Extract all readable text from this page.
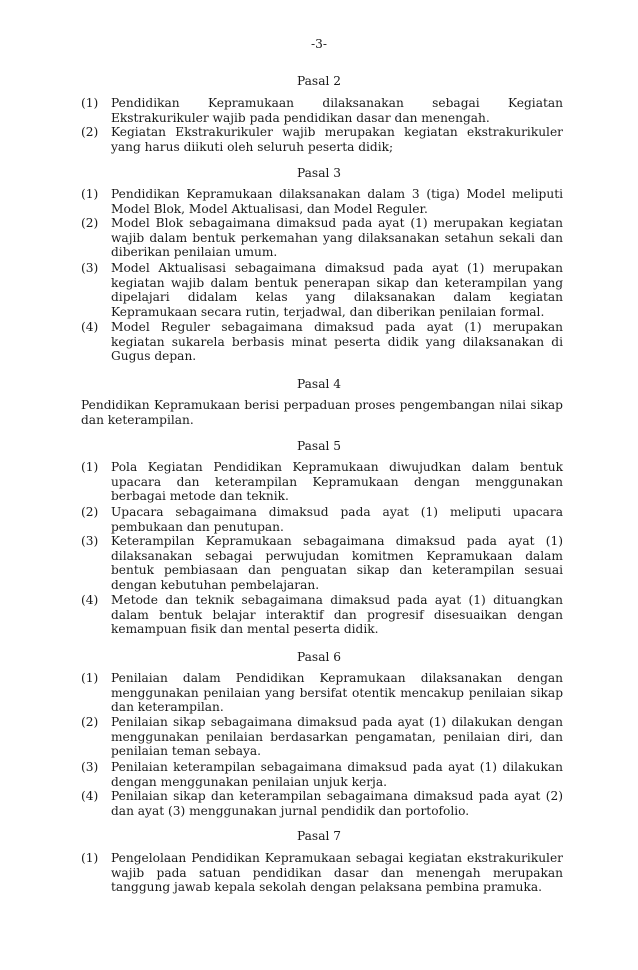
-3-
Pasal 2
(1) Pendidikan Kepramukaan dilaksanakan sebagai Kegiatan Ekstrakurikuler wajib pada pendidikan dasar dan menengah.
(2) Kegiatan Ekstrakurikuler wajib merupakan kegiatan ekstrakurikuler yang harus diikuti oleh seluruh peserta didik;
Pasal 3
(1) Pendidikan Kepramukaan dilaksanakan dalam 3 (tiga) Model meliputi Model Blok, Model Aktualisasi, dan Model Reguler.
(2) Model Blok sebagaimana dimaksud pada ayat (1) merupakan kegiatan wajib dalam bentuk perkemahan yang dilaksanakan setahun sekali dan diberikan penilaian umum.
(3) Model Aktualisasi sebagaimana dimaksud pada ayat (1) merupakan kegiatan wajib dalam bentuk penerapan sikap dan keterampilan yang dipelajari didalam kelas yang dilaksanakan dalam kegiatan Kepramukaan secara rutin, terjadwal, dan diberikan penilaian formal.
(4) Model Reguler sebagaimana dimaksud pada ayat (1) merupakan kegiatan sukarela berbasis minat peserta didik yang dilaksanakan di Gugus depan.
Pasal 4
Pendidikan Kepramukaan berisi perpaduan proses pengembangan nilai sikap dan keterampilan.
Pasal 5
(1) Pola Kegiatan Pendidikan Kepramukaan diwujudkan dalam bentuk upacara dan keterampilan Kepramukaan dengan menggunakan berbagai metode dan teknik.
(2) Upacara sebagaimana dimaksud pada ayat (1) meliputi upacara pembukaan dan penutupan.
(3) Keterampilan Kepramukaan sebagaimana dimaksud pada ayat (1) dilaksanakan sebagai perwujudan komitmen Kepramukaan dalam bentuk pembiasaan dan penguatan sikap dan keterampilan sesuai dengan kebutuhan pembelajaran.
(4) Metode dan teknik sebagaimana dimaksud pada ayat (1) dituangkan dalam bentuk belajar interaktif dan progresif disesuaikan dengan kemampuan fisik dan mental peserta didik.
Pasal 6
(1) Penilaian dalam Pendidikan Kepramukaan dilaksanakan dengan menggunakan penilaian yang bersifat otentik mencakup penilaian sikap dan keterampilan.
(2) Penilaian sikap sebagaimana dimaksud pada ayat (1) dilakukan dengan menggunakan penilaian berdasarkan pengamatan, penilaian diri, dan penilaian teman sebaya.
(3) Penilaian keterampilan sebagaimana dimaksud pada ayat (1) dilakukan dengan menggunakan penilaian unjuk kerja.
(4) Penilaian sikap dan keterampilan sebagaimana dimaksud pada ayat (2) dan ayat (3) menggunakan jurnal pendidik dan portofolio.
Pasal 7
(1) Pengelolaan Pendidikan Kepramukaan sebagai kegiatan ekstrakurikuler wajib pada satuan pendidikan dasar dan menengah merupakan tanggung jawab kepala sekolah dengan pelaksana pembina pramuka.
